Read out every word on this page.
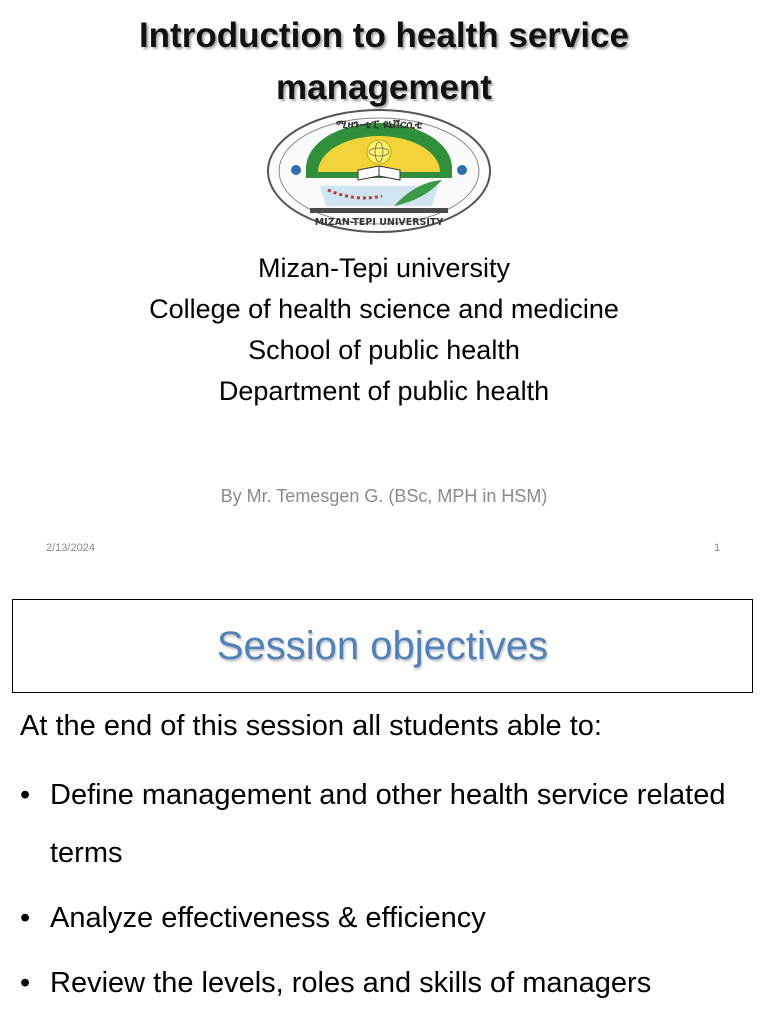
Introduction to health service
management
ሚዛን-ቴፒ ዩኒቨርሲቲ
MIZAN-TEPI UNIVERSITY
Mizan-Tepi university
College of health science and medicine
School of public health
Department of public health
By Mr. Temesgen G. (BSc, MPH in HSM)
2/13/2024	1
Session objectives
At the end of this session all students able to:
• Define management and other health service related terms
• Analyze effectiveness & efficiency
• Review the levels, roles and skills of managers
